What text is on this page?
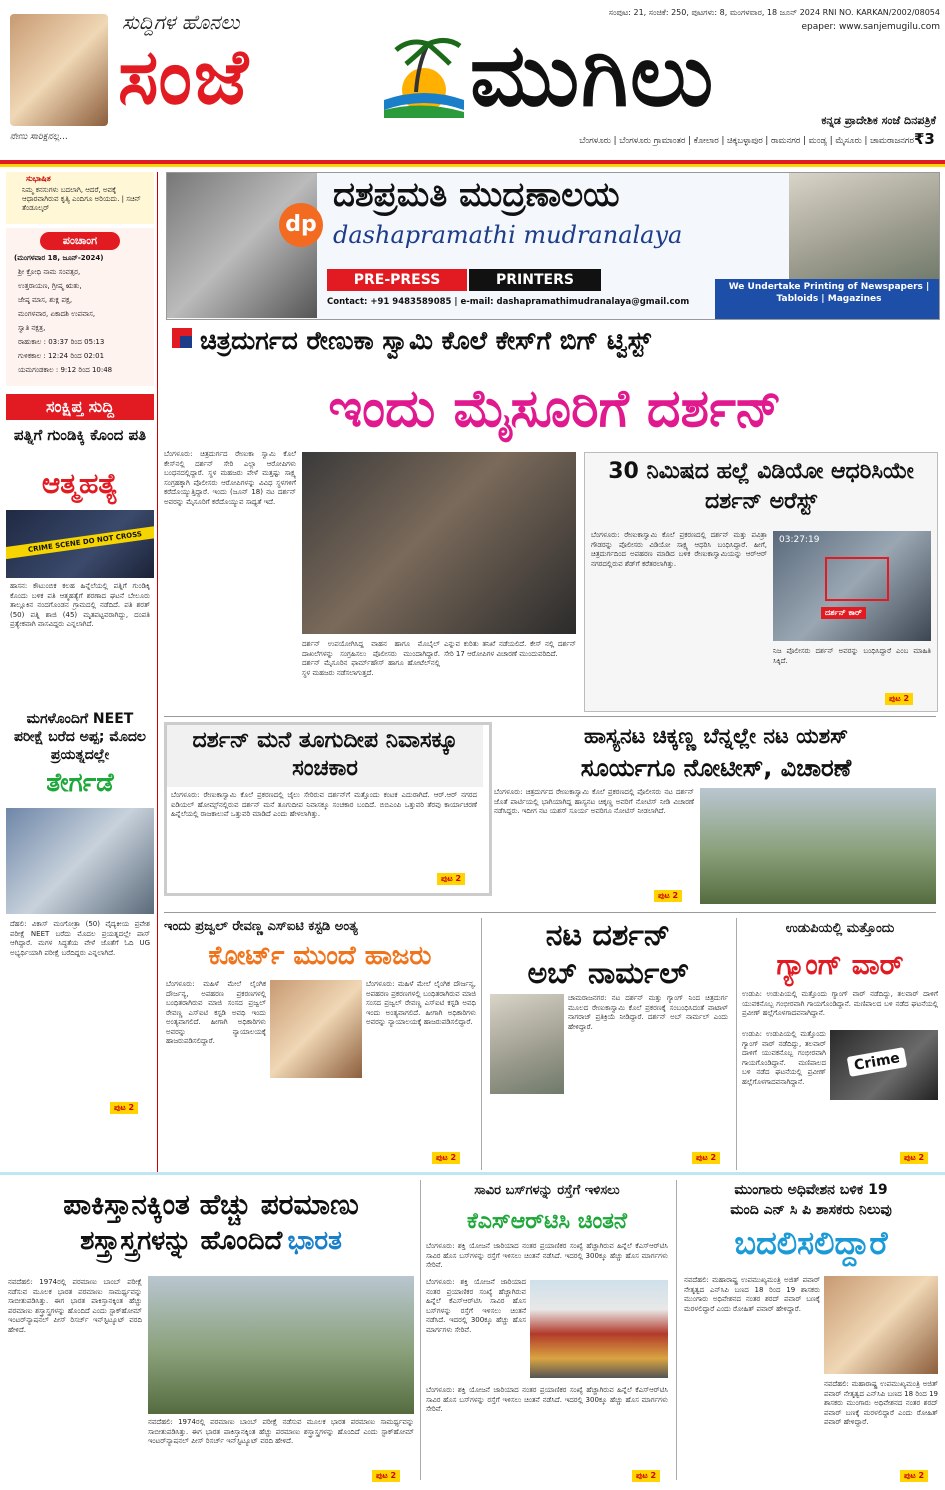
ಸುದ್ದಿಗಳ ಹೊನಲು
ಸಂಜೆ	ಮುಗಿಲು
ನೇಣು ಸಾರಿಕ್ಷನಲ್ಲ...
ಸಂಪುಟ: 21, ಸಂಚಿಕೆ: 250, ಪುಟಗಳು: 8, ಮಂಗಳವಾರ, 18 ಜೂನ್ 2024 RNI NO. KARKAN/2002/08054
epaper: www.sanjemugilu.com
ಕನ್ನಡ ಪ್ರಾದೇಶಿಕ ಸಂಜೆ ದಿನಪತ್ರಿಕೆ
ಬೆಂಗಳೂರು | ಬೆಂಗಳೂರು ಗ್ರಾಮಾಂತರ | ಕೋಲಾರ | ಚಿಕ್ಕಬಳ್ಳಾಪುರ | ರಾಮನಗರ | ಮಂಡ್ಯ | ಮೈಸೂರು | ಚಾಮರಾಜನಗರ ₹3
ಸುಭಾಷಿತ
ನಿಮ್ಮ ಕನಸುಗಳು ಬದಲಾಗಿ, ಆದರೆ, ಅವಕ್ಕೆ ಆಧಾರವಾಗಿರುವ ಕೃತ್ಯಿ ಎಂದಿಗೂ ಅರಿಯದು. | ಸಚಿನ್ ತೆಂಡೂಲ್ಕರ್
ಪಂಚಾಂಗ
(ಮಂಗಳವಾರ 18, ಜೂನ್-2024)
ಶ್ರೀ ಕ್ರೋಧಿ ನಾಮ ಸಂವತ್ಸರ,
ಉತ್ತರಾಯಣ, ಗ್ರೀಷ್ಮ ಋತು,
ಜೇಷ್ಠ ಮಾಸ, ಶುಕ್ಲ ಪಕ್ಷ,
ಮಂಗಳವಾರ, ಏಕಾದಶಿ ಉಪವಾಸ,
ಸ್ವಾತಿ ನಕ್ಷತ್ರ,
ರಾಹುಕಾಲ : 03:37 ರಿಂದ 05:13
ಗುಳಿಕಕಾಲ : 12:24 ರಿಂದ 02:01
ಯಮಗಂಡಕಾಲ : 9:12 ರಿಂದ 10:48
ಸಂಕ್ಷಿಪ್ತ ಸುದ್ದಿ
ಪತ್ನಿಗೆ ಗುಂಡಿಕ್ಕಿ ಕೊಂದ ಪತಿ
ಆತ್ಮಹತ್ಯೆ
CRIME SCENE DO NOT CROSS
ಹಾಸನ: ಕೌಟುಂಬಿಕ ಕಲಹ ಹಿನ್ನೆಲೆಯಲ್ಲಿ ಪತ್ನಿಗೆ ಗುಂಡಿಕ್ಕಿ ಕೊಂದು ಬಳಿಕ ಪತಿ ಆತ್ಮಹತ್ಯೆಗೆ ಶರಣಾದ ಘಟನೆ ಬೇಲೂರು ತಾಲ್ಲೂಕಿನ ನಂದಗೊಂಡನ ಗ್ರಾಮದಲ್ಲಿ ನಡೆದಿದೆ. ಪತಿ ಶರತ್ (50) ಪತ್ನಿ ಶಾಜಿ (45) ಮೃತಪಟ್ಟವರಾಗಿದ್ದು, ದಂಪತಿ ಪ್ರತ್ಯೇಕವಾಗಿ ವಾಸವಿದ್ದರು ಎನ್ನಲಾಗಿದೆ.
ಮಗಳೊಂದಿಗೆ NEET ಪರೀಕ್ಷೆ ಬರೆದ ಅಪ್ಪ; ಮೊದಲ ಪ್ರಯತ್ನದಲ್ಲೇ
ತೇರ್ಗಡೆ
ದೆಹಲಿ: ವಿಕಾಸ್ ಮಂಗೋತ್ರಾ (50) ವೈದ್ಯಕೀಯ ಪ್ರವೇಶ ಪರೀಕ್ಷೆ NEET ಬರೆದು ಮೊದಲ ಪ್ರಯತ್ನದಲ್ಲೇ ಪಾಸ್ ಆಗಿದ್ದಾರೆ. ಮಗಳ ಸಿದ್ಧತೆಯ ವೇಳೆ ಜೊತೆಗೆ ಓದಿ UG ಅಭ್ಯರ್ಥಿಯಾಗಿ ಪರೀಕ್ಷೆ ಬರೆದಿದ್ದರು ಎನ್ನಲಾಗಿದೆ.
ಪುಟ 2
dp
ದಶಪ್ರಮತಿ ಮುದ್ರಣಾಲಯ
dashapramathi mudranalaya
PRE-PRESS	PRINTERS
Contact: +91 9483589085 | e-mail: dashapramathimudranalaya@gmail.com
We Undertake Printing of Newspapers | Tabloids | Magazines
ಚಿತ್ರದುರ್ಗದ ರೇಣುಕಾ ಸ್ವಾಮಿ ಕೊಲೆ ಕೇಸ್‌ಗೆ ಬಿಗ್ ಟ್ವಿಸ್ಟ್
ಇಂದು ಮೈಸೂರಿಗೆ ದರ್ಶನ್
ಬೆಂಗಳೂರು: ಚಿತ್ರದುರ್ಗದ ರೇಣುಕಾ ಸ್ವಾಮಿ ಕೊಲೆ ಕೇಸ್‌ನಲ್ಲಿ ದರ್ಶನ್ ಸೇರಿ ಎಲ್ಲಾ ಆರೋಪಿಗಳು ಬಂಧನದಲ್ಲಿದ್ದಾರೆ. ಸ್ಥಳ ಮಹಜರು ವೇಳೆ ಮತ್ತಷ್ಟು ಸಾಕ್ಷ್ಯ ಸಂಗ್ರಹಕ್ಕಾಗಿ ಪೊಲೀಸರು ಆರೋಪಿಗಳನ್ನು ವಿವಿಧ ಸ್ಥಳಗಳಿಗೆ ಕರೆದೊಯ್ಯುತ್ತಿದ್ದಾರೆ. ಇಂದು (ಜೂನ್ 18) ನಟ ದರ್ಶನ್ ಅವರನ್ನು ಮೈಸೂರಿಗೆ ಕರೆದೊಯ್ಯುವ ಸಾಧ್ಯತೆ ಇದೆ.
ದರ್ಶನ್ ಉಪಯೋಗಿಸಿದ್ದ ವಾಹನ ಹಾಗೂ ಮೊಬೈಲ್ ದಾಖಲೆಗಳನ್ನು ಸಂಗ್ರಹಿಸಲು ಪೊಲೀಸರು ಮುಂದಾಗಿದ್ದಾರೆ. ದರ್ಶನ್ ಮೈಸೂರಿನ ಫಾರ್ಮ್‌ಹೌಸ್ ಹಾಗೂ ಹೋಟೆಲ್‌ನಲ್ಲಿ ಸ್ಥಳ ಮಹಜರು ನಡೆಸಲಾಗುತ್ತದೆ.
ಎನ್ನುವ ಕುರಿತು ತನಿಖೆ ನಡೆಯಲಿದೆ. ಕೇಸ್ ನಲ್ಲಿ ದರ್ಶನ್ ಸೇರಿ 17 ಆರೋಪಿಗಳ ವಿಚಾರಣೆ ಮುಂದುವರಿದಿದೆ.
30 ನಿಮಿಷದ ಹಲ್ಲೆ ವಿಡಿಯೋ ಆಧರಿಸಿಯೇ ದರ್ಶನ್ ಅರೆಸ್ಟ್
ಬೆಂಗಳೂರು: ರೇಣುಕಾಸ್ವಾಮಿ ಕೊಲೆ ಪ್ರಕರಣದಲ್ಲಿ ದರ್ಶನ್ ಮತ್ತು ಪವಿತ್ರಾ ಗೌಡರನ್ನು ಪೊಲೀಸರು ವಿಡಿಯೋ ಸಾಕ್ಷ್ಯ ಆಧರಿಸಿ ಬಂಧಿಸಿದ್ದಾರೆ. ಹೀಗೆ, ಚಿತ್ರದುರ್ಗದಿಂದ ಅಪಹರಣ ಮಾಡಿದ ಬಳಿಕ ರೇಣುಕಾಸ್ವಾಮಿಯನ್ನು ಆರ್‌ಆರ್ ನಗರದಲ್ಲಿರುವ ಶೆಡ್‌ಗೆ ಕರೆತರಲಾಗಿತ್ತು.
03:27:19
ದರ್ಶನ್ ಕಾರ್
ನಿಜ ಪೊಲೀಸರು ದರ್ಶನ್ ಅವರನ್ನು ಬಂಧಿಸಿದ್ದಾರೆ ಎಂಬ ಮಾಹಿತಿ ಸಿಕ್ಕಿದೆ.
ಪುಟ 2
ದರ್ಶನ್ ಮನೆ ತೂಗುದೀಪ ನಿವಾಸಕ್ಕೂ ಸಂಚಕಾರ
ಬೆಂಗಳೂರು: ರೇಣುಕಾಸ್ವಾಮಿ ಕೊಲೆ ಪ್ರಕರಣದಲ್ಲಿ ಜೈಲು ಸೇರಿರುವ ದರ್ಶನ್‌ಗೆ ಮತ್ತೊಂದು ಕಂಟಕ ಎದುರಾಗಿದೆ. ಆರ್.ಆರ್ ನಗರದ ಐಡಿಯಲ್ ಹೋಮ್ಸ್‌ನಲ್ಲಿರುವ ದರ್ಶನ್ ಮನೆ ತೂಗುದೀಪ ನಿವಾಸಕ್ಕೂ ಸಂಚಕಾರ ಬಂದಿದೆ. ಬಿಬಿಎಂಪಿ ಒತ್ತುವರಿ ತೆರವು ಕಾರ್ಯಾಚರಣೆ ಹಿನ್ನೆಲೆಯಲ್ಲಿ ರಾಜಕಾಲುವೆ ಒತ್ತುವರಿ ಮಾಡಿದೆ ಎಂದು ಹೇಳಲಾಗಿತ್ತು.
ಪುಟ 2
ಹಾಸ್ಯನಟ ಚಿಕ್ಕಣ್ಣ ಬೆನ್ನಲ್ಲೇ ನಟ ಯಶಸ್
ಸೂರ್ಯಗೂ ನೋಟೀಸ್, ವಿಚಾರಣೆ
ಬೆಂಗಳೂರು: ಚಿತ್ರದುರ್ಗದ ರೇಣುಕಾಸ್ವಾಮಿ ಕೊಲೆ ಪ್ರಕರಣದಲ್ಲಿ ಪೊಲೀಸರು ನಟ ದರ್ಶನ್ ಜೊತೆ ಪಾರ್ಟಿಯಲ್ಲಿ ಭಾಗಿಯಾಗಿದ್ದ ಹಾಸ್ಯನಟ ಚಿಕ್ಕಣ್ಣ ಅವರಿಗೆ ನೋಟಿಸ್ ನೀಡಿ ವಿಚಾರಣೆ ನಡೆಸಿದ್ದರು. ಇದೀಗ ನಟ ಯಶಸ್ ಸೂರ್ಯ ಅವರಿಗೂ ನೋಟಿಸ್ ನೀಡಲಾಗಿದೆ.
ಪುಟ 2
ಇಂದು ಪ್ರಜ್ವಲ್ ರೇವಣ್ಣ ಎಸ್ಐಟಿ ಕಸ್ಟಡಿ ಅಂತ್ಯ
ಕೋರ್ಟ್ ಮುಂದೆ ಹಾಜರು
ಬೆಂಗಳೂರು: ಮಹಿಳೆ ಮೇಲೆ ಲೈಂಗಿಕ ದೌರ್ಜನ್ಯ, ಅಪಹರಣ ಪ್ರಕರಣಗಳಲ್ಲಿ ಬಂಧಿತರಾಗಿರುವ ಮಾಜಿ ಸಂಸದ ಪ್ರಜ್ವಲ್ ರೇವಣ್ಣ ಎಸ್ಐಟಿ ಕಸ್ಟಡಿ ಅವಧಿ ಇಂದು ಅಂತ್ಯವಾಗಲಿದೆ. ಹೀಗಾಗಿ ಅಧಿಕಾರಿಗಳು ಅವರನ್ನು ನ್ಯಾಯಾಲಯಕ್ಕೆ ಹಾಜರುಪಡಿಸಲಿದ್ದಾರೆ.
ಬೆಂಗಳೂರು: ಮಹಿಳೆ ಮೇಲೆ ಲೈಂಗಿಕ ದೌರ್ಜನ್ಯ, ಅಪಹರಣ ಪ್ರಕರಣಗಳಲ್ಲಿ ಬಂಧಿತರಾಗಿರುವ ಮಾಜಿ ಸಂಸದ ಪ್ರಜ್ವಲ್ ರೇವಣ್ಣ ಎಸ್ಐಟಿ ಕಸ್ಟಡಿ ಅವಧಿ ಇಂದು ಅಂತ್ಯವಾಗಲಿದೆ. ಹೀಗಾಗಿ ಅಧಿಕಾರಿಗಳು ಅವರನ್ನು ನ್ಯಾಯಾಲಯಕ್ಕೆ ಹಾಜರುಪಡಿಸಲಿದ್ದಾರೆ.
ಪುಟ 2
ನಟ ದರ್ಶನ್
ಅಬ್ ನಾರ್ಮಲ್
ಚಾಮರಾಜನಗರ: ನಟ ದರ್ಶನ್ ಮತ್ತು ಗ್ಯಾಂಗ್ ನಿಂದ ಚಿತ್ರದುರ್ಗ ಮೂಲದ ರೇಣುಕಾಸ್ವಾಮಿ ಕೊಲೆ ಪ್ರಕರಣಕ್ಕೆ ಸಂಬಂಧಿಸಿದಂತೆ ವಾಟಾಳ್ ನಾಗರಾಜ್ ಪ್ರತಿಕ್ರಿಯೆ ನೀಡಿದ್ದಾರೆ. ದರ್ಶನ್ ಅಬ್ ನಾರ್ಮಲ್ ಎಂದು ಹೇಳಿದ್ದಾರೆ.
ಪುಟ 2
ಉಡುಪಿಯಲ್ಲಿ ಮತ್ತೊಂದು
ಗ್ಯಾಂಗ್ ವಾರ್
ಉಡುಪಿ: ಉಡುಪಿಯಲ್ಲಿ ಮತ್ತೊಂದು ಗ್ಯಾಂಗ್ ವಾರ್ ನಡೆದಿದ್ದು, ತಲವಾರ್ ದಾಳಿಗೆ ಯುವಕನೊಬ್ಬ ಗಂಭೀರವಾಗಿ ಗಾಯಗೊಂಡಿದ್ದಾನೆ. ಮಣಿಪಾಲದ ಬಳಿ ನಡೆದ ಘಟನೆಯಲ್ಲಿ ಪ್ರವೀಣ್ ಹಲ್ಲೆಗೊಳಗಾದವನಾಗಿದ್ದಾನೆ.
Crime
ಉಡುಪಿ: ಉಡುಪಿಯಲ್ಲಿ ಮತ್ತೊಂದು ಗ್ಯಾಂಗ್ ವಾರ್ ನಡೆದಿದ್ದು, ತಲವಾರ್ ದಾಳಿಗೆ ಯುವಕನೊಬ್ಬ ಗಂಭೀರವಾಗಿ ಗಾಯಗೊಂಡಿದ್ದಾನೆ. ಮಣಿಪಾಲದ ಬಳಿ ನಡೆದ ಘಟನೆಯಲ್ಲಿ ಪ್ರವೀಣ್ ಹಲ್ಲೆಗೊಳಗಾದವನಾಗಿದ್ದಾನೆ.
ಪುಟ 2
ಪಾಕಿಸ್ತಾನಕ್ಕಿಂತ ಹೆಚ್ಚು ಪರಮಾಣು
ಶಸ್ತ್ರಾಸ್ತ್ರಗಳನ್ನು ಹೊಂದಿದೆ ಭಾರತ
ನವದೆಹಲಿ: 1974ರಲ್ಲಿ ಪರಮಾಣು ಬಾಂಬ್ ಪರೀಕ್ಷೆ ನಡೆಸುವ ಮೂಲಕ ಭಾರತ ಪರಮಾಣು ಸಾಮರ್ಥ್ಯವನ್ನು ಸಾಬೀತುಪಡಿಸಿತ್ತು. ಈಗ ಭಾರತ ಪಾಕಿಸ್ತಾನಕ್ಕಿಂತ ಹೆಚ್ಚು ಪರಮಾಣು ಶಸ್ತ್ರಾಸ್ತ್ರಗಳನ್ನು ಹೊಂದಿದೆ ಎಂದು ಸ್ಟಾಕ್‌ಹೋಮ್ ಇಂಟರ್‌ನ್ಯಾಷನಲ್ ಪೀಸ್ ರಿಸರ್ಚ್ ಇನ್‌ಸ್ಟಿಟ್ಯೂಟ್ ವರದಿ ಹೇಳಿದೆ.
ನವದೆಹಲಿ: 1974ರಲ್ಲಿ ಪರಮಾಣು ಬಾಂಬ್ ಪರೀಕ್ಷೆ ನಡೆಸುವ ಮೂಲಕ ಭಾರತ ಪರಮಾಣು ಸಾಮರ್ಥ್ಯವನ್ನು ಸಾಬೀತುಪಡಿಸಿತ್ತು. ಈಗ ಭಾರತ ಪಾಕಿಸ್ತಾನಕ್ಕಿಂತ ಹೆಚ್ಚು ಪರಮಾಣು ಶಸ್ತ್ರಾಸ್ತ್ರಗಳನ್ನು ಹೊಂದಿದೆ ಎಂದು ಸ್ಟಾಕ್‌ಹೋಮ್ ಇಂಟರ್‌ನ್ಯಾಷನಲ್ ಪೀಸ್ ರಿಸರ್ಚ್ ಇನ್‌ಸ್ಟಿಟ್ಯೂಟ್ ವರದಿ ಹೇಳಿದೆ.
ಪುಟ 2
ಸಾವಿರ ಬಸ್‌ಗಳನ್ನು ರಸ್ತೆಗೆ ಇಳಿಸಲು
ಕೆಎಸ್ಆರ್‌ಟಿಸಿ ಚಿಂತನೆ
ಬೆಂಗಳೂರು: ಶಕ್ತಿ ಯೋಜನೆ ಜಾರಿಯಾದ ನಂತರ ಪ್ರಯಾಣಿಕರ ಸಂಖ್ಯೆ ಹೆಚ್ಚಾಗಿರುವ ಹಿನ್ನೆಲೆ ಕೆಎಸ್ಆರ್‌ಟಿಸಿ ಸಾವಿರ ಹೊಸ ಬಸ್‌ಗಳನ್ನು ರಸ್ತೆಗೆ ಇಳಿಸಲು ಚಿಂತನೆ ನಡೆಸಿದೆ. ಇದರಲ್ಲಿ 300ಕ್ಕೂ ಹೆಚ್ಚು ಹೊಸ ಮಾರ್ಗಗಳು ಸೇರಿವೆ.
ಬೆಂಗಳೂರು: ಶಕ್ತಿ ಯೋಜನೆ ಜಾರಿಯಾದ ನಂತರ ಪ್ರಯಾಣಿಕರ ಸಂಖ್ಯೆ ಹೆಚ್ಚಾಗಿರುವ ಹಿನ್ನೆಲೆ ಕೆಎಸ್ಆರ್‌ಟಿಸಿ ಸಾವಿರ ಹೊಸ ಬಸ್‌ಗಳನ್ನು ರಸ್ತೆಗೆ ಇಳಿಸಲು ಚಿಂತನೆ ನಡೆಸಿದೆ. ಇದರಲ್ಲಿ 300ಕ್ಕೂ ಹೆಚ್ಚು ಹೊಸ ಮಾರ್ಗಗಳು ಸೇರಿವೆ.
ಬೆಂಗಳೂರು: ಶಕ್ತಿ ಯೋಜನೆ ಜಾರಿಯಾದ ನಂತರ ಪ್ರಯಾಣಿಕರ ಸಂಖ್ಯೆ ಹೆಚ್ಚಾಗಿರುವ ಹಿನ್ನೆಲೆ ಕೆಎಸ್ಆರ್‌ಟಿಸಿ ಸಾವಿರ ಹೊಸ ಬಸ್‌ಗಳನ್ನು ರಸ್ತೆಗೆ ಇಳಿಸಲು ಚಿಂತನೆ ನಡೆಸಿದೆ. ಇದರಲ್ಲಿ 300ಕ್ಕೂ ಹೆಚ್ಚು ಹೊಸ ಮಾರ್ಗಗಳು ಸೇರಿವೆ.
ಪುಟ 2
ಮುಂಗಾರು ಅಧಿವೇಶನ ಬಳಿಕ 19
ಮಂದಿ ಎನ್ ಸಿ ಪಿ ಶಾಸಕರು ನಿಲುವು
ಬದಲಿಸಲಿದ್ದಾರೆ
ನವದೆಹಲಿ: ಮಹಾರಾಷ್ಟ್ರ ಉಪಮುಖ್ಯಮಂತ್ರಿ ಅಜಿತ್ ಪವಾರ್ ನೇತೃತ್ವದ ಎನ್‌ಸಿಪಿ ಬಣದ 18 ರಿಂದ 19 ಶಾಸಕರು ಮುಂಗಾರು ಅಧಿವೇಶನದ ನಂತರ ಶರದ್ ಪವಾರ್ ಬಣಕ್ಕೆ ಮರಳಲಿದ್ದಾರೆ ಎಂದು ರೋಹಿತ್ ಪವಾರ್ ಹೇಳಿದ್ದಾರೆ.
ನವದೆಹಲಿ: ಮಹಾರಾಷ್ಟ್ರ ಉಪಮುಖ್ಯಮಂತ್ರಿ ಅಜಿತ್ ಪವಾರ್ ನೇತೃತ್ವದ ಎನ್‌ಸಿಪಿ ಬಣದ 18 ರಿಂದ 19 ಶಾಸಕರು ಮುಂಗಾರು ಅಧಿವೇಶನದ ನಂತರ ಶರದ್ ಪವಾರ್ ಬಣಕ್ಕೆ ಮರಳಲಿದ್ದಾರೆ ಎಂದು ರೋಹಿತ್ ಪವಾರ್ ಹೇಳಿದ್ದಾರೆ.
ಪುಟ 2
